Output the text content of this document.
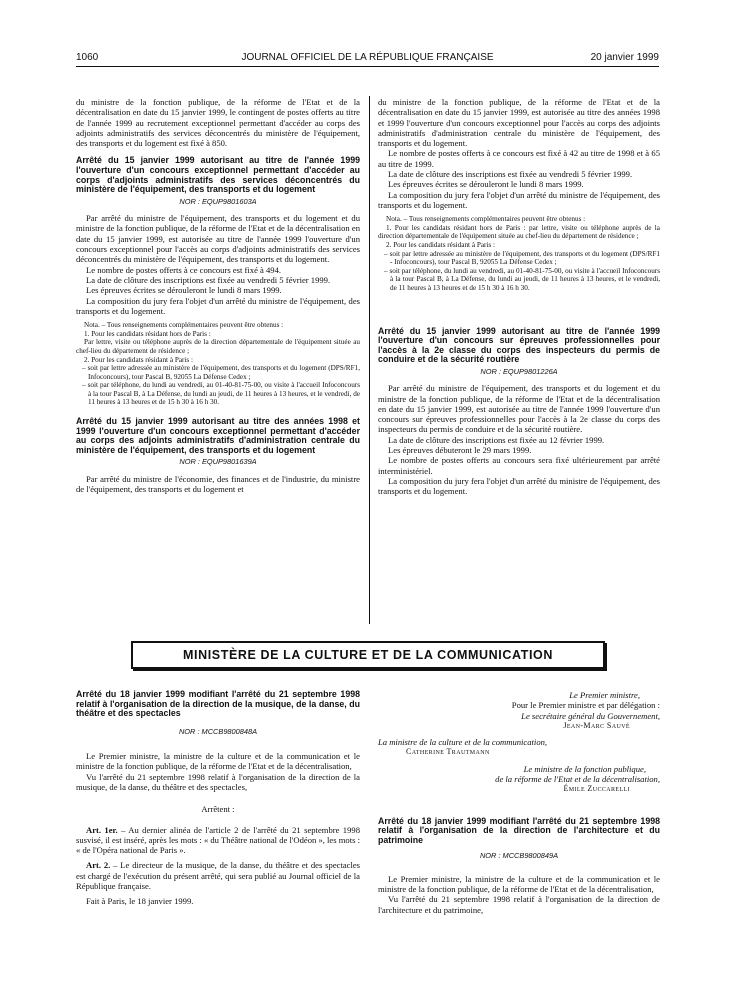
1060	JOURNAL OFFICIEL DE LA RÉPUBLIQUE FRANÇAISE	20 janvier 1999

du ministre de la fonction publique, de la réforme de l'Etat et de la décentralisation en date du 15 janvier 1999, le contingent de postes offerts au titre de l'année 1999 au recrutement exceptionnel permettant d'accéder au corps des adjoints administratifs des services déconcentrés du ministère de l'équipement, des transports et du logement est fixé à 850.

Arrêté du 15 janvier 1999 autorisant au titre de l'année 1999 l'ouverture d'un concours exceptionnel permettant d'accéder au corps d'adjoints administratifs des services déconcentrés du ministère de l'équipement, des transports et du logement
NOR : EQUP9801603A

Par arrêté du ministre de l'équipement, des transports et du logement et du ministre de la fonction publique, de la réforme de l'Etat et de la décentralisation en date du 15 janvier 1999, est autorisée au titre de l'année 1999 l'ouverture d'un concours exceptionnel pour l'accès au corps d'adjoints administratifs des services déconcentrés du ministère de l'équipement, des transports et du logement.

Le nombre de postes offerts à ce concours est fixé à 494.

La date de clôture des inscriptions est fixée au vendredi 5 février 1999.

Les épreuves écrites se dérouleront le lundi 8 mars 1999.

La composition du jury fera l'objet d'un arrêté du ministre de l'équipement, des transports et du logement.

Nota. – Tous renseignements complémentaires peuvent être obtenus :

1. Pour les candidats résidant hors de Paris :

Par lettre, visite ou téléphone auprès de la direction départementale de l'équipement située au chef-lieu du département de résidence ;

2. Pour les candidats résidant à Paris :

– soit par lettre adressée au ministère de l'équipement, des transports et du logement (DPS/RF1, Infoconcours), tour Pascal B, 92055 La Défense Cedex ;

– soit par téléphone, du lundi au vendredi, au 01-40-81-75-00, ou visite à l'accueil Infoconcours à la tour Pascal B, à La Défense, du lundi au jeudi, de 11 heures à 13 heures, et le vendredi, de 11 heures à 13 heures et de 15 h 30 à 16 h 30.

Arrêté du 15 janvier 1999 autorisant au titre des années 1998 et 1999 l'ouverture d'un concours exceptionnel permettant d'accéder au corps des adjoints administratifs d'administration centrale du ministère de l'équipement, des transports et du logement
NOR : EQUP9801639A

Par arrêté du ministre de l'économie, des finances et de l'industrie, du ministre de l'équipement, des transports et du logement et

du ministre de la fonction publique, de la réforme de l'Etat et de la décentralisation en date du 15 janvier 1999, est autorisée au titre des années 1998 et 1999 l'ouverture d'un concours exceptionnel pour l'accès au corps des adjoints administratifs d'administration centrale du ministère de l'équipement, des transports et du logement.

Le nombre de postes offerts à ce concours est fixé à 42 au titre de 1998 et à 65 au titre de 1999.

La date de clôture des inscriptions est fixée au vendredi 5 février 1999.

Les épreuves écrites se dérouleront le lundi 8 mars 1999.

La composition du jury fera l'objet d'un arrêté du ministre de l'équipement, des transports et du logement.

Nota. – Tous renseignements complémentaires peuvent être obtenus :

1. Pour les candidats résidant hors de Paris : par lettre, visite ou téléphone auprès de la direction départementale de l'équipement située au chef-lieu du département de résidence ;

2. Pour les candidats résidant à Paris :

– soit par lettre adressée au ministère de l'équipement, des transports et du logement (DPS/RF1 - Infoconcours), tour Pascal B, 92055 La Défense Cedex ;

– soit par téléphone, du lundi au vendredi, au 01-40-81-75-00, ou visite à l'accueil Infoconcours à la tour Pascal B, à La Défense, du lundi au jeudi, de 11 heures à 13 heures, et le vendredi, de 11 heures à 13 heures et de 15 h 30 à 16 h 30.

Arrêté du 15 janvier 1999 autorisant au titre de l'année 1999 l'ouverture d'un concours sur épreuves professionnelles pour l'accès à la 2e classe du corps des inspecteurs du permis de conduire et de la sécurité routière
NOR : EQUP9801226A

Par arrêté du ministre de l'équipement, des transports et du logement et du ministre de la fonction publique, de la réforme de l'Etat et de la décentralisation en date du 15 janvier 1999, est autorisée au titre de l'année 1999 l'ouverture d'un concours sur épreuves professionnelles pour l'accès à la 2e classe du corps des inspecteurs du permis de conduire et de la sécurité routière.

La date de clôture des inscriptions est fixée au 12 février 1999.

Les épreuves débuteront le 29 mars 1999.

Le nombre de postes offerts au concours sera fixé ultérieurement par arrêté interministériel.

La composition du jury fera l'objet d'un arrêté du ministre de l'équipement, des transports et du logement.

MINISTÈRE DE LA CULTURE ET DE LA COMMUNICATION
Arrêté du 18 janvier 1999 modifiant l'arrêté du 21 septembre 1998 relatif à l'organisation de la direction de la musique, de la danse, du théâtre et des spectacles
NOR : MCCB9800848A

Le Premier ministre, la ministre de la culture et de la communication et le ministre de la fonction publique, de la réforme de l'Etat et de la décentralisation,

Vu l'arrêté du 21 septembre 1998 relatif à l'organisation de la direction de la musique, de la danse, du théâtre et des spectacles,

Arrêtent :

Art. 1er. – Au dernier alinéa de l'article 2 de l'arrêté du 21 septembre 1998 susvisé, il est inséré, après les mots : « du Théâtre national de l'Odéon », les mots : « de l'Opéra national de Paris ».

Art. 2. – Le directeur de la musique, de la danse, du théâtre et des spectacles est chargé de l'exécution du présent arrêté, qui sera publié au Journal officiel de la République française.

Fait à Paris, le 18 janvier 1999.

Le Premier ministre,
Pour le Premier ministre et par délégation :
Le secrétaire général du Gouvernement,
Jean-Marc Sauvé
La ministre de la culture et de la communication,
Catherine Trautmann
Le ministre de la fonction publique,
de la réforme de l'Etat et de la décentralisation,
Émile Zuccarelli
Arrêté du 18 janvier 1999 modifiant l'arrêté du 21 septembre 1998 relatif à l'organisation de la direction de l'architecture et du patrimoine
NOR : MCCB9800849A

Le Premier ministre, la ministre de la culture et de la communication et le ministre de la fonction publique, de la réforme de l'Etat et de la décentralisation,

Vu l'arrêté du 21 septembre 1998 relatif à l'organisation de la direction de l'architecture et du patrimoine,
